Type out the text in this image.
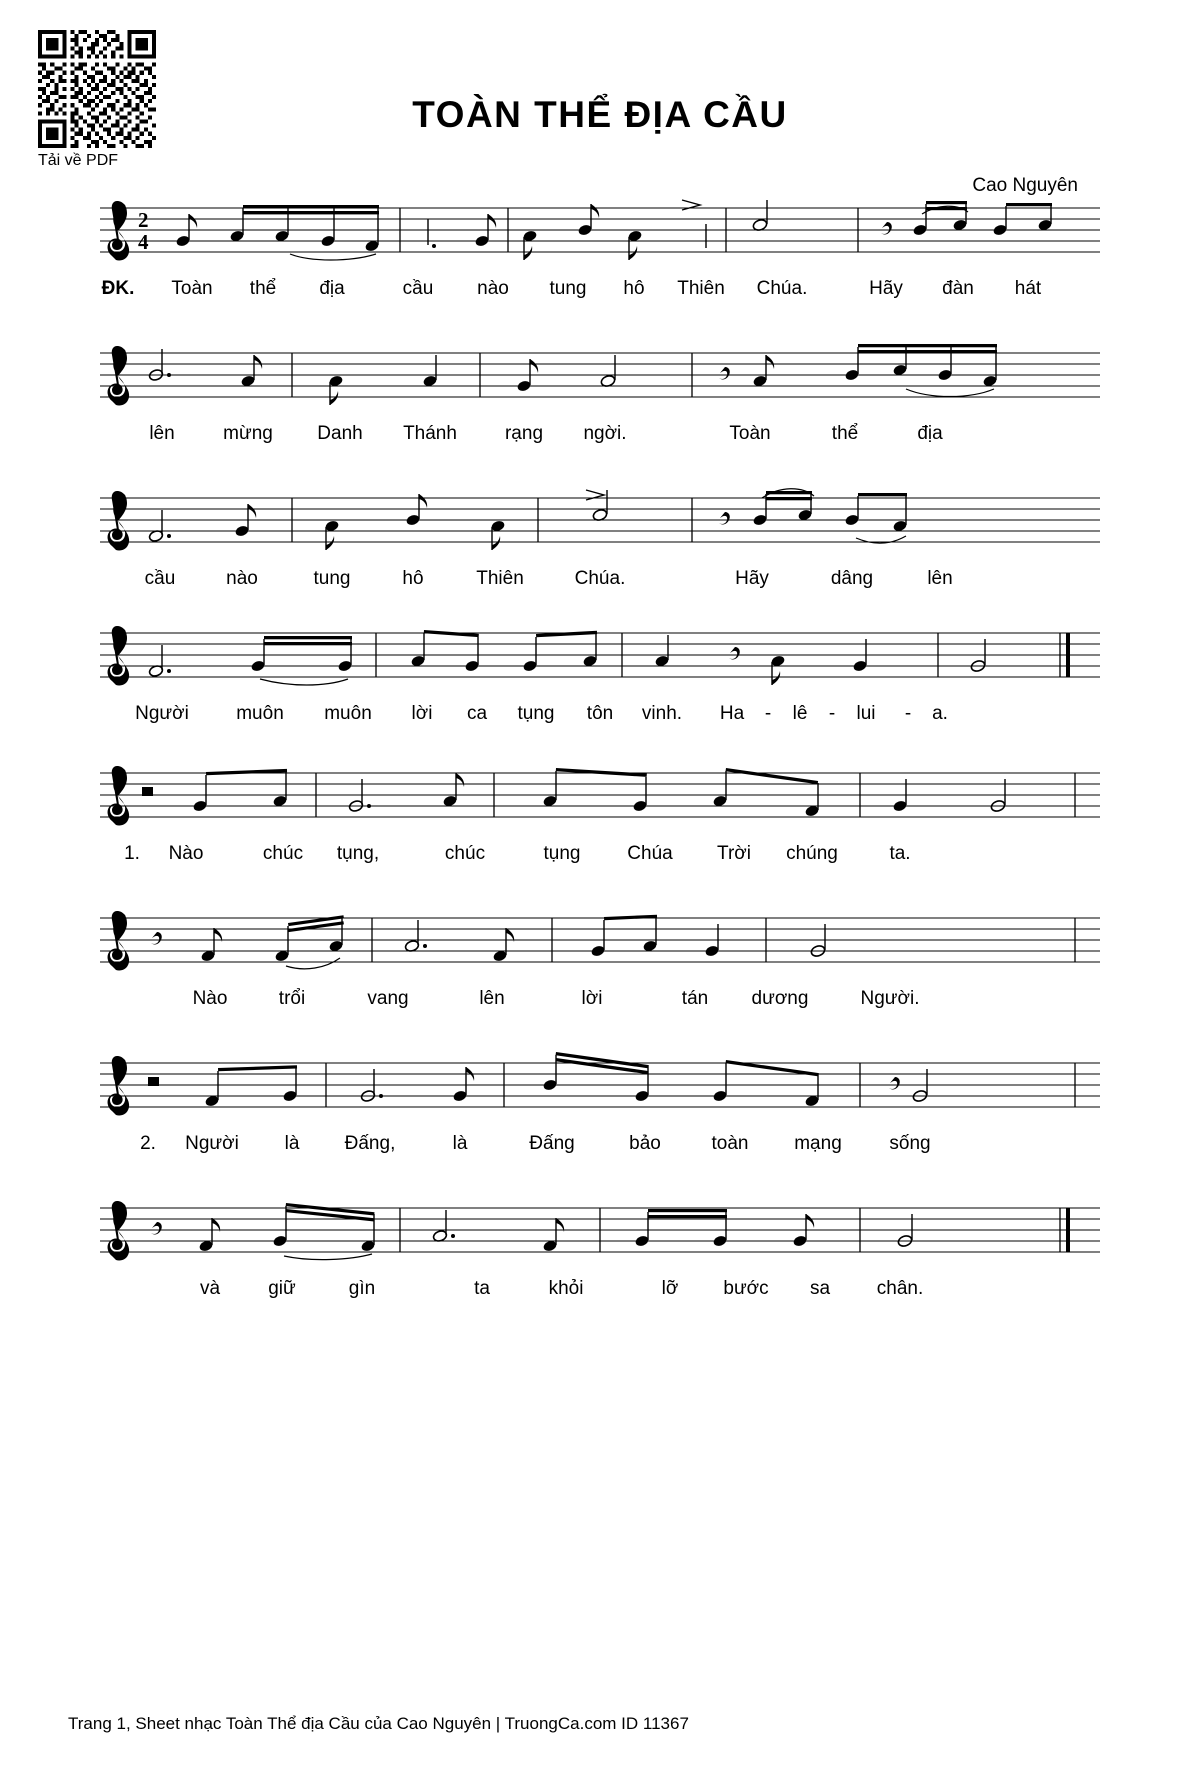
Tải về PDF
TOÀN THỂ ĐỊA CẦU
Cao Nguyên
2
4
ĐK. Toàn thể địa	cầu nào tung hô Thiên Chúa.	Hãy đàn hát
lên	mừng Danh Thánh	rạng ngời.	Toàn	thể	địa
cầu	nào	tung	hô	Thiên	Chúa.	Hãy	dâng	lên
Người muôn muôn lời ca tụng tôn vinh. Ha - lê - lui - a.
1. Nào	chúc tụng,	chúc	tụng Chúa Trời chúng	ta.
Nào	trổi	vang	lên	lời	tán dương	Người.
2. Người là Đấng,	là	Đấng	bảo	toàn mạng	sống
và	giữ	gìn	ta	khỏi	lỡ bước sa chân.
Trang 1, Sheet nhạc Toàn Thể địa Cầu của Cao Nguyên | TruongCa.com ID 11367
